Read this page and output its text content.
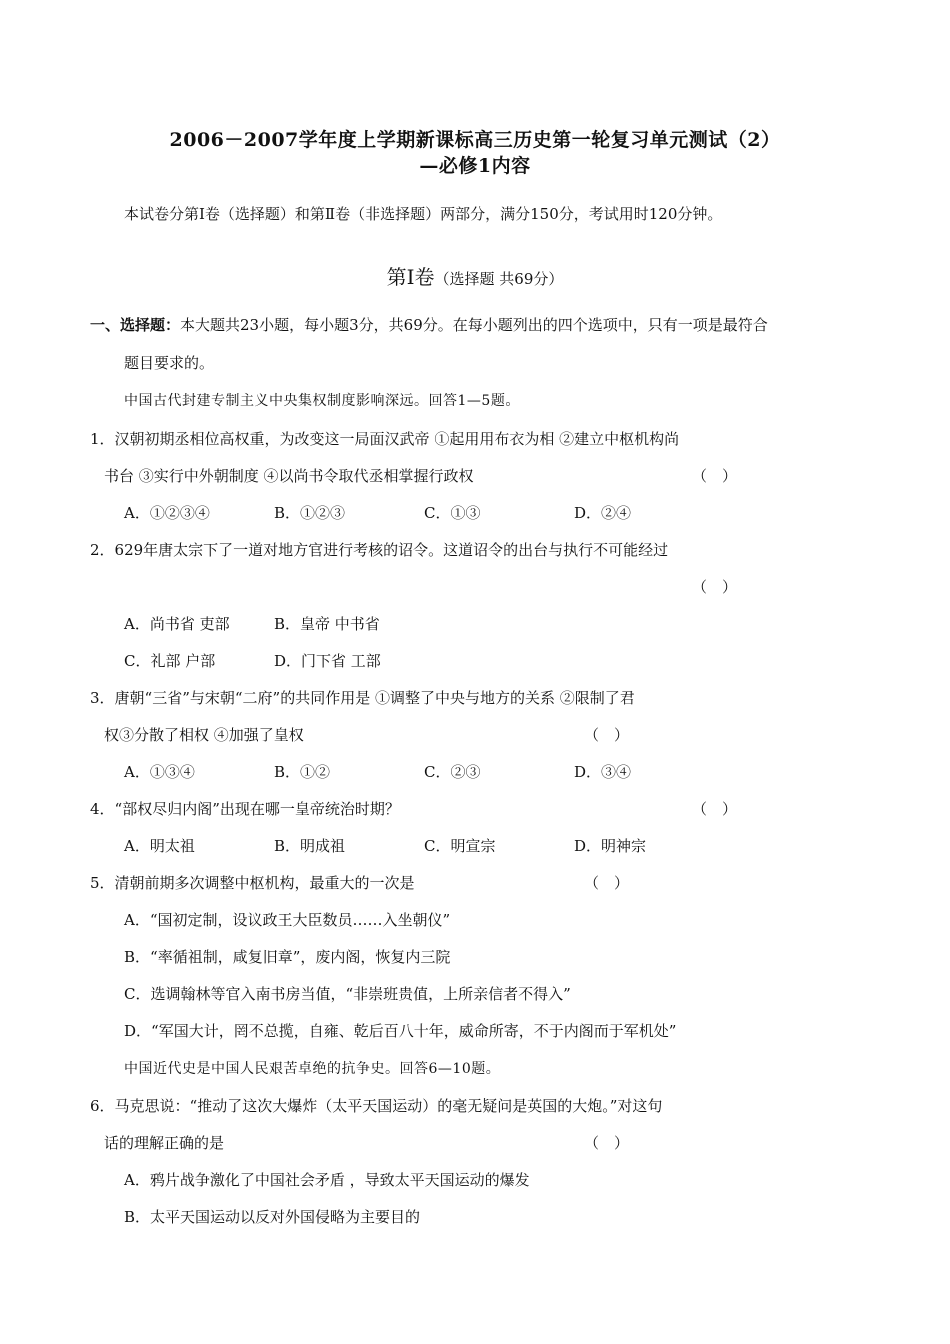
2006－2007学年度上学期新课标高三历史第一轮复习单元测试（2）
—必修1内容
本试卷分第Ⅰ卷（选择题）和第Ⅱ卷（非选择题）两部分，满分150分，考试用时120分钟。
第Ⅰ卷（选择题 共69分）
一、选择题：本大题共23小题，每小题3分，共69分。在每小题列出的四个选项中，只有一项是最符合
题目要求的。
中国古代封建专制主义中央集权制度影响深远。回答1—5题。
1．汉朝初期丞相位高权重，为改变这一局面汉武帝 ①起用用布衣为相 ②建立中枢机构尚
书台 ③实行中外朝制度 ④以尚书令取代丞相掌握行政权	（　）
A．①②③④	B．①②③	C．①③	D．②④
2．629年唐太宗下了一道对地方官进行考核的诏令。这道诏令的出台与执行不可能经过
（　）
A．尚书省 吏部	B．皇帝 中书省
C．礼部 户部	D．门下省 工部
3．唐朝“三省”与宋朝“二府”的共同作用是 ①调整了中央与地方的关系 ②限制了君
权③分散了相权 ④加强了皇权	（　）
A．①③④	B．①②	C．②③	D．③④
4．“部权尽归内阁”出现在哪一皇帝统治时期？	（　）
A．明太祖	B．明成祖	C．明宣宗	D．明神宗
5．清朝前期多次调整中枢机构，最重大的一次是	（　）
A．“国初定制，设议政王大臣数员……入坐朝仪”
B．“率循祖制，咸复旧章”，废内阁，恢复内三院
C．选调翰林等官入南书房当值，“非崇班贵值，上所亲信者不得入”
D．“军国大计，罔不总揽，自雍、乾后百八十年，威命所寄，不于内阁而于军机处”
中国近代史是中国人民艰苦卓绝的抗争史。回答6—10题。
6．马克思说：“推动了这次大爆炸（太平天国运动）的毫无疑问是英国的大炮。”对这句
话的理解正确的是	（　）
A．鸦片战争激化了中国社会矛盾 ，导致太平天国运动的爆发
B．太平天国运动以反对外国侵略为主要目的
